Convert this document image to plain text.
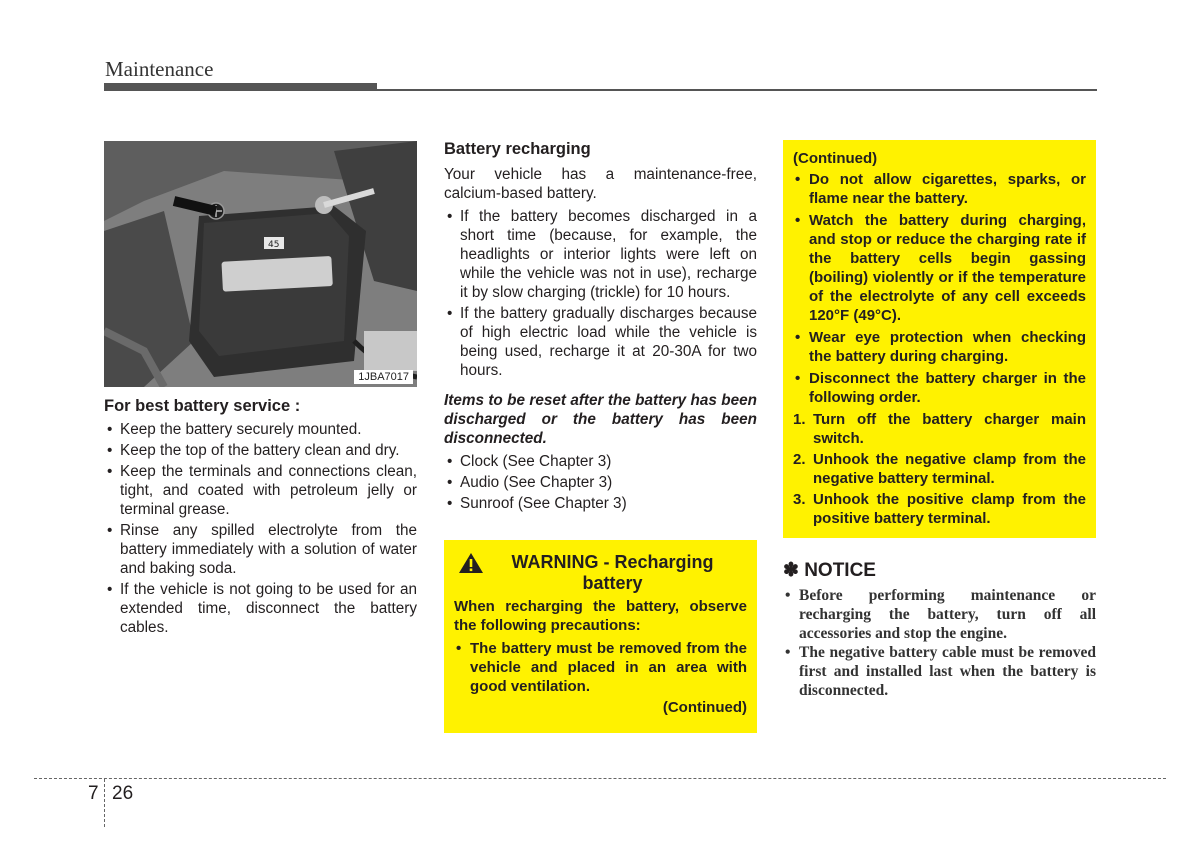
Maintenance
45
1JBA7017
For best battery service :
• Keep the battery securely mounted.
• Keep the top of the battery clean and dry.
• Keep the terminals and connections clean, tight, and coated with petroleum jelly or terminal grease.
• Rinse any spilled electrolyte from the battery immediately with a solution of water and baking soda.
• If the vehicle is not going to be used for an extended time, disconnect the battery cables.
Battery recharging
Your vehicle has a maintenance-free, calcium-based battery.
• If the battery becomes discharged in a short time (because, for example, the headlights or interior lights were left on while the vehicle was not in use), recharge it by slow charging (trickle) for 10 hours.
• If the battery gradually discharges because of high electric load while the vehicle is being used, recharge it at 20-30A for two hours.
Items to be reset after the battery has been discharged or the battery has been disconnected.
• Clock (See Chapter 3)
• Audio (See Chapter 3)
• Sunroof (See Chapter 3)
WARNING - Recharging
battery
When recharging the battery, observe the following precautions:
• The battery must be removed from the vehicle and placed in an area with good ventilation.
(Continued)
(Continued)
• Do not allow cigarettes, sparks, or flame near the battery.
• Watch the battery during charging, and stop or reduce the charging rate if the battery cells begin gassing (boiling) violently or if the temperature of the electrolyte of any cell exceeds 120°F (49°C).
• Wear eye protection when checking the battery during charging.
• Disconnect the battery charger in the following order.
1. Turn off the battery charger main switch.
2. Unhook the negative clamp from the negative battery terminal.
3. Unhook the positive clamp from the positive battery terminal.
✽ NOTICE
• Before performing maintenance or recharging the battery, turn off all accessories and stop the engine.
• The negative battery cable must be removed first and installed last when the battery is disconnected.
7 26
